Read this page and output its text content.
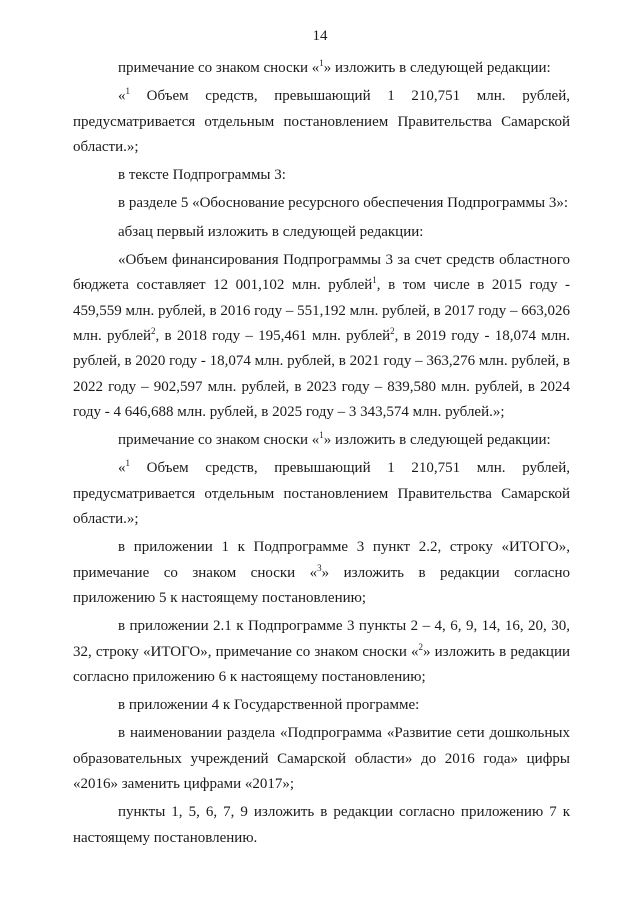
14

примечание со знаком сноски «$^1$» изложить в следующей редакции:

«$^1$ Объем средств, превышающий 1 210,751 млн. рублей, предусматривается отдельным постановлением Правительства Самарской области.»;

в тексте Подпрограммы 3:

в разделе 5 «Обоснование ресурсного обеспечения Подпрограммы 3»:

абзац первый изложить в следующей редакции:

«Объем финансирования Подпрограммы 3 за счет средств областного бюджета составляет 12 001,102 млн. рублей$^1$, в том числе в 2015 году - 459,559 млн. рублей, в 2016 году – 551,192 млн. рублей, в 2017 году – 663,026 млн. рублей$^2$, в 2018 году – 195,461 млн. рублей$^2$, в 2019 году - 18,074 млн. рублей, в 2020 году - 18,074 млн. рублей, в 2021 году – 363,276 млн. рублей, в 2022 году – 902,597 млн. рублей, в 2023 году – 839,580 млн. рублей, в 2024 году - 4 646,688 млн. рублей, в 2025 году – 3 343,574 млн. рублей.»;

примечание со знаком сноски «$^1$» изложить в следующей редакции:

«$^1$ Объем средств, превышающий 1 210,751 млн. рублей, предусматривается отдельным постановлением Правительства Самарской области.»;

в приложении 1 к Подпрограмме 3 пункт 2.2, строку «ИТОГО», примечание со знаком сноски «$^3$» изложить в редакции согласно приложению 5 к настоящему постановлению;

в приложении 2.1 к Подпрограмме 3 пункты 2 – 4, 6, 9, 14, 16, 20, 30, 32, строку «ИТОГО», примечание со знаком сноски «$^2$» изложить в редакции согласно приложению 6 к настоящему постановлению;

в приложении 4 к Государственной программе:

в наименовании раздела «Подпрограмма «Развитие сети дошкольных образовательных учреждений Самарской области» до 2016 года» цифры «2016» заменить цифрами «2017»;

пункты 1, 5, 6, 7, 9 изложить в редакции согласно приложению 7 к настоящему постановлению.
